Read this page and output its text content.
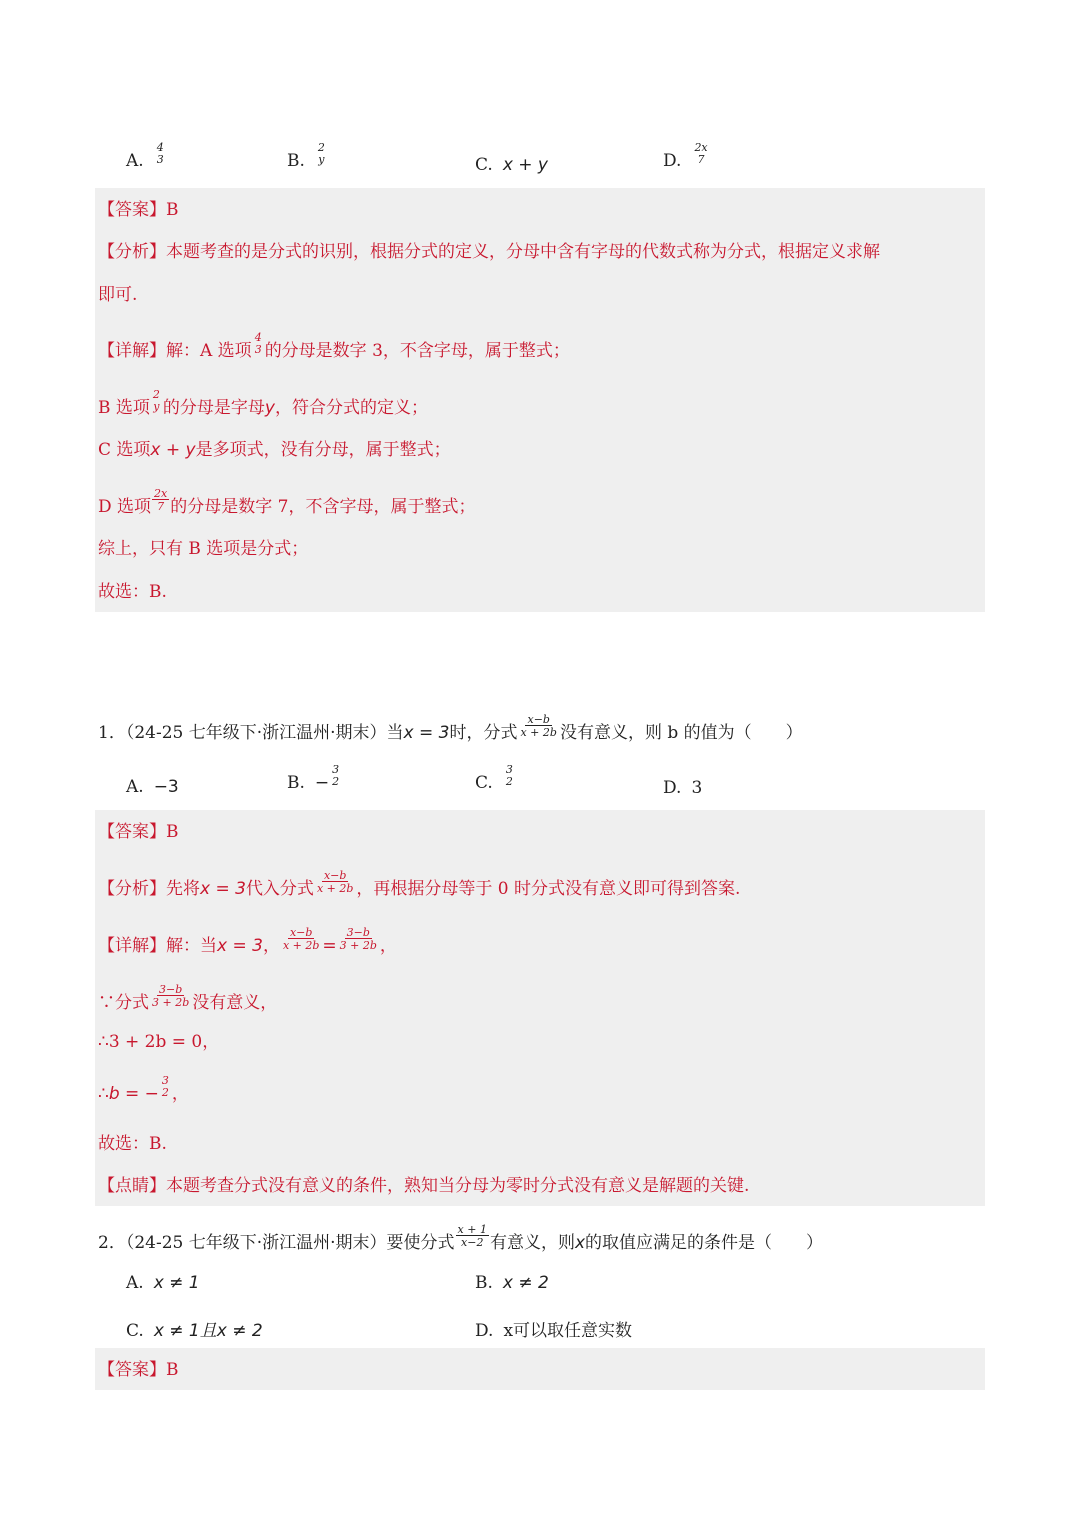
A.
4
3	B.
2
y	C. x + y	D.
2x
7
【答案】B
【分析】本题考查的是分式的识别，根据分式的定义，分母中含有字母的代数式称为分式，根据定义求解
即可.
【详解】解：A 选项
4
3 的分母是数字 3，不含字母，属于整式；
B 选项
2
y 的分母是字母y，符合分式的定义；
C 选项x + y是多项式，没有分母，属于整式；
D 选项 $\frac{2x}{7}$ 的分母是数字 7，不含字母，属于整式；
综上，只有 B 选项是分式；
故选：B.
1．（24-25 七年级下·浙江温州·期末）当x = 3时，分式 $\frac{x-b}{x + 2b}$ 没有意义，则 b 的值为（　　）
A. −3	B. −
3
2	C.
3
2	D. 3
【答案】B
【分析】先将x = 3代入分式 $\frac{x-b}{x + 2b}$ ，再根据分母等于 0 时分式没有意义即可得到答案.
【详解】解：当x = 3， $\frac{x-b}{x + 2b} = \frac{3-b}{3 + 2b}$ ，
∵分式 $\frac{3-b}{3 + 2b}$ 没有意义，
∴3 + 2b = 0，
∴b = −
3
2 ，
故选：B.
【点睛】本题考查分式没有意义的条件，熟知当分母为零时分式没有意义是解题的关键.
2．（24-25 七年级下·浙江温州·期末）要使分式 $\frac{x + 1}{x-2}$ 有意义，则x的取值应满足的条件是（　　）
A. x ≠ 1	B. x ≠ 2
C. x ≠ 1且x ≠ 2	D. x可以取任意实数
【答案】B
